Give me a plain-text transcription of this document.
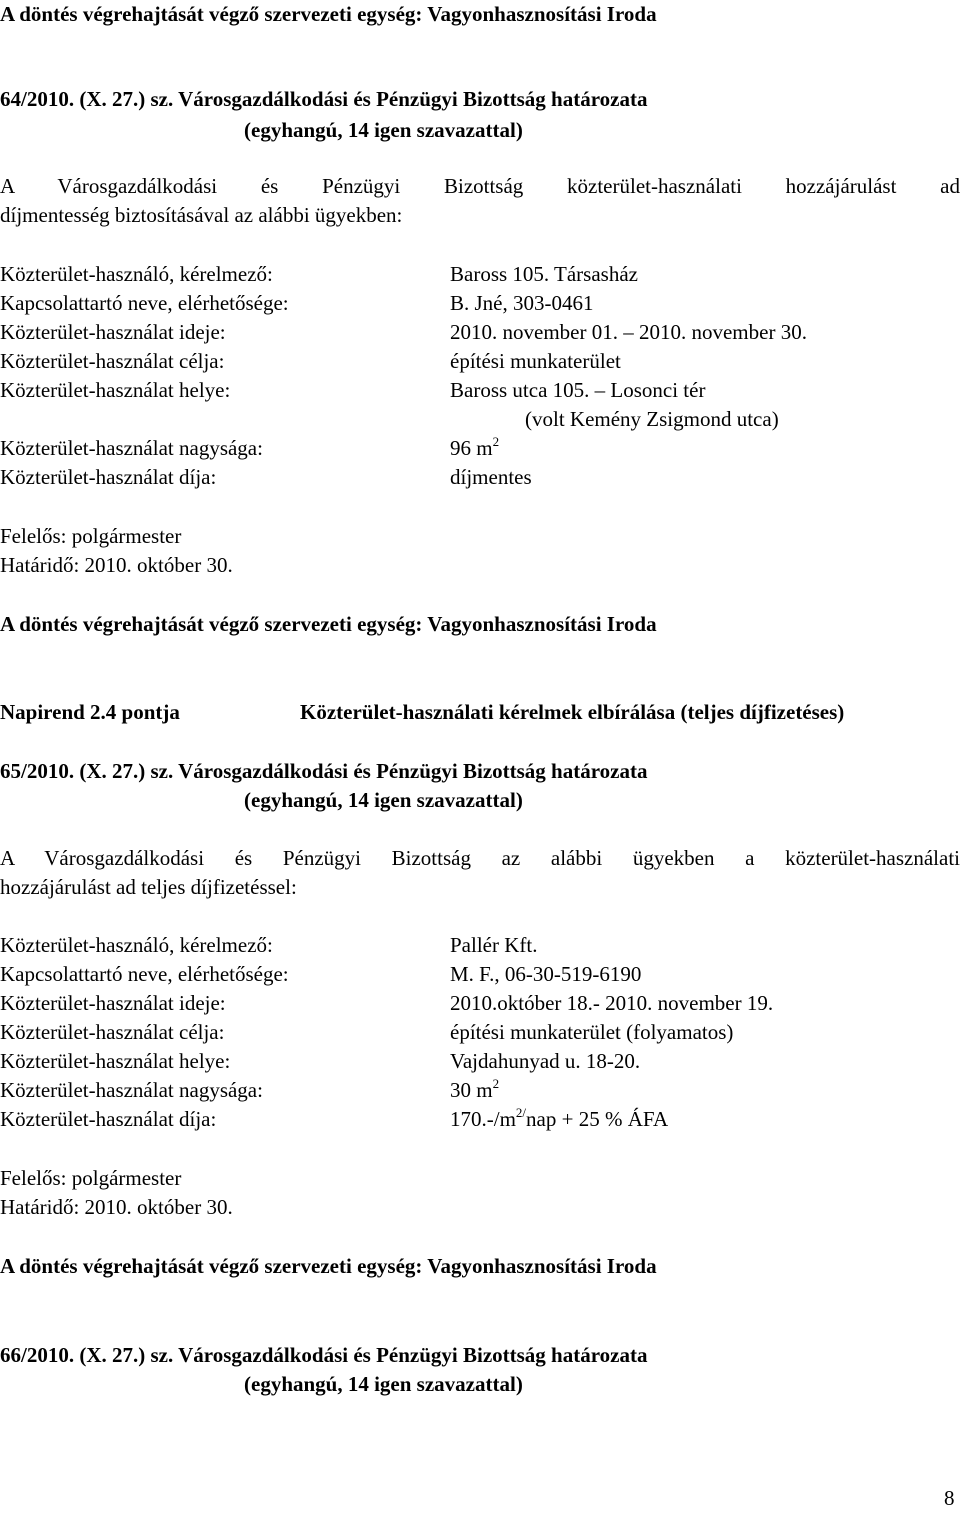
A döntés végrehajtását végző szervezeti egység: Vagyonhasznosítási Iroda
64/2010. (X. 27.) sz. Városgazdálkodási és Pénzügyi Bizottság határozata
(egyhangú, 14 igen szavazattal)
A Városgazdálkodási és Pénzügyi Bizottság közterület-használati hozzájárulást ad
díjmentesség biztosításával az alábbi ügyekben:
Közterület-használó, kérelmező:	Baross 105. Társasház
Kapcsolattartó neve, elérhetősége:	B. Jné, 303-0461
Közterület-használat ideje:	2010. november 01. – 2010. november 30.
Közterület-használat célja:	építési munkaterület
Közterület-használat helye:	Baross utca 105. – Losonci tér
(volt Kemény Zsigmond utca)
Közterület-használat nagysága:	96 $m^2$
Közterület-használat díja:	díjmentes
Felelős: polgármester
Határidő: 2010. október 30.
A döntés végrehajtását végző szervezeti egység: Vagyonhasznosítási Iroda
Napirend 2.4 pontja	Közterület-használati kérelmek elbírálása (teljes díjfizetéses)
65/2010. (X. 27.) sz. Városgazdálkodási és Pénzügyi Bizottság határozata
(egyhangú, 14 igen szavazattal)
A Városgazdálkodási és Pénzügyi Bizottság az alábbi ügyekben a közterület-használati
hozzájárulást ad teljes díjfizetéssel:
Közterület-használó, kérelmező:	Pallér Kft.
Kapcsolattartó neve, elérhetősége:	M. F., 06-30-519-6190
Közterület-használat ideje:	2010.október 18.- 2010. november 19.
Közterület-használat célja:	építési munkaterület (folyamatos)
Közterület-használat helye:	Vajdahunyad u. 18-20.
Közterület-használat nagysága:	30 $m^2$
Közterület-használat díja:	$170.-/m^{2/}nap + 25$ % ÁFA
Felelős: polgármester
Határidő: 2010. október 30.
A döntés végrehajtását végző szervezeti egység: Vagyonhasznosítási Iroda
66/2010. (X. 27.) sz. Városgazdálkodási és Pénzügyi Bizottság határozata
(egyhangú, 14 igen szavazattal)
8
